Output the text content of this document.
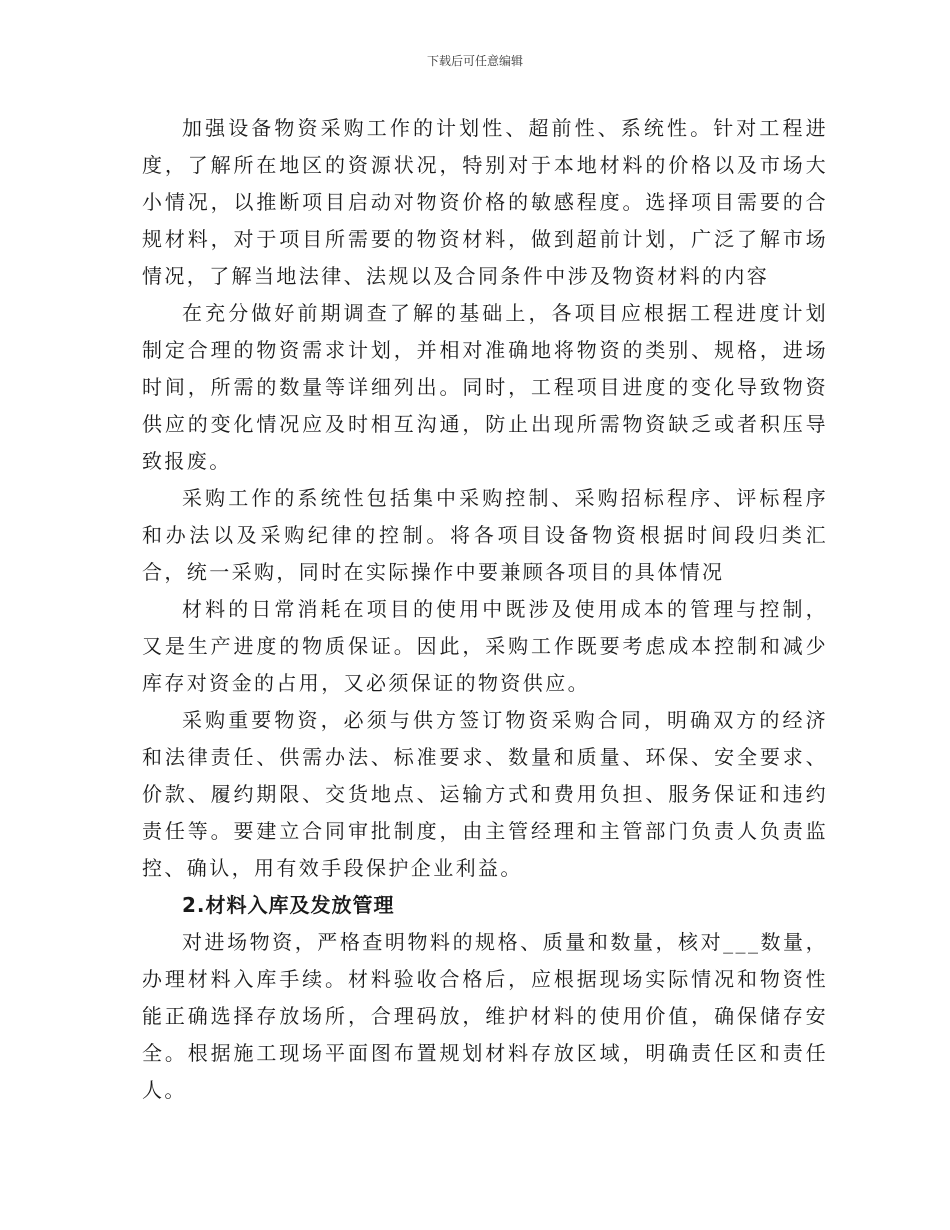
下载后可任意编辑

加强设备物资采购工作的计划性、超前性、系统性。针对工程进度，了解所在地区的资源状况，特别对于本地材料的价格以及市场大小情况，以推断项目启动对物资价格的敏感程度。选择项目需要的合规材料，对于项目所需要的物资材料，做到超前计划，广泛了解市场情况，了解当地法律、法规以及合同条件中涉及物资材料的内容

在充分做好前期调查了解的基础上，各项目应根据工程进度计划制定合理的物资需求计划，并相对准确地将物资的类别、规格，进场时间，所需的数量等详细列出。同时，工程项目进度的变化导致物资供应的变化情况应及时相互沟通，防止出现所需物资缺乏或者积压导致报废。

采购工作的系统性包括集中采购控制、采购招标程序、评标程序和办法以及采购纪律的控制。将各项目设备物资根据时间段归类汇合，统一采购，同时在实际操作中要兼顾各项目的具体情况

材料的日常消耗在项目的使用中既涉及使用成本的管理与控制，又是生产进度的物质保证。因此，采购工作既要考虑成本控制和减少库存对资金的占用，又必须保证的物资供应。

采购重要物资，必须与供方签订物资采购合同，明确双方的经济和法律责任、供需办法、标准要求、数量和质量、环保、安全要求、价款、履约期限、交货地点、运输方式和费用负担、服务保证和违约责任等。要建立合同审批制度，由主管经理和主管部门负责人负责监控、确认，用有效手段保护企业利益。

2.材料入库及发放管理

对进场物资，严格查明物料的规格、质量和数量，核对___数量，办理材料入库手续。材料验收合格后，应根据现场实际情况和物资性能正确选择存放场所，合理码放，维护材料的使用价值，确保储存安全。根据施工现场平面图布置规划材料存放区域，明确责任区和责任人。
